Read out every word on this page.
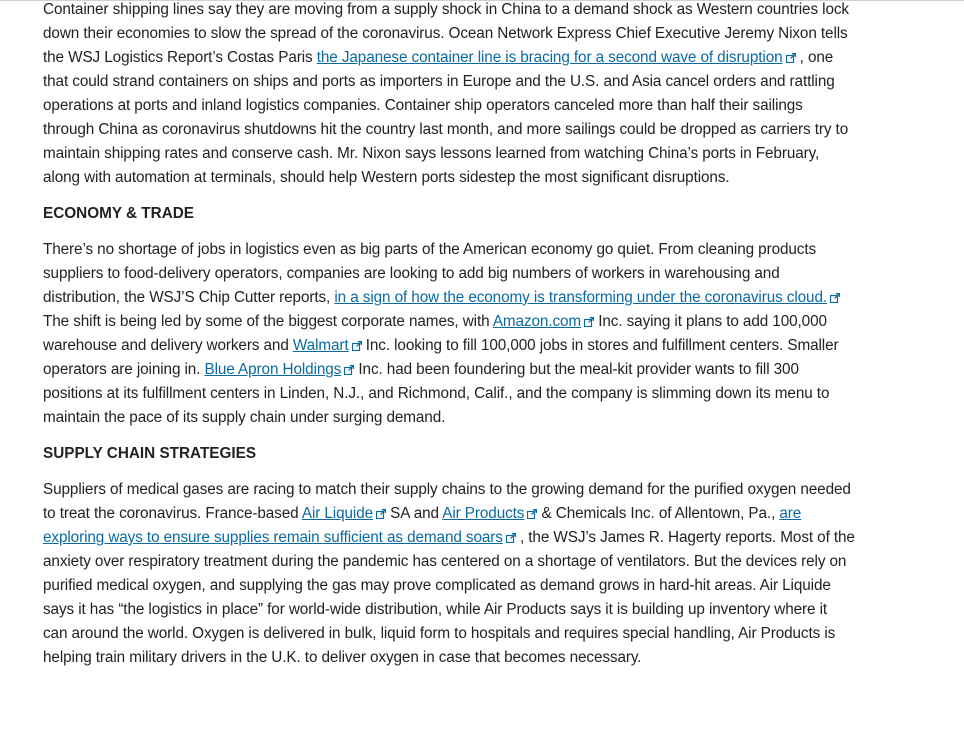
Container shipping lines say they are moving from a supply shock in China to a demand shock as Western countries lock down their economies to slow the spread of the coronavirus. Ocean Network Express Chief Executive Jeremy Nixon tells the WSJ Logistics Report’s Costas Paris the Japanese container line is bracing for a second wave of disruption
, one that could strand containers on ships and ports as importers in Europe and the U.S. and Asia cancel orders and rattling operations at ports and inland logistics companies. Container ship operators canceled more than half their sailings through China as coronavirus shutdowns hit the country last month, and more sailings could be dropped as carriers try to maintain shipping rates and conserve cash. Mr. Nixon says lessons learned from watching China’s ports in February, along with automation at terminals, should help Western ports sidestep the most significant disruptions.

ECONOMY & TRADE

There’s no shortage of jobs in logistics even as big parts of the American economy go quiet. From cleaning products suppliers to food-delivery operators, companies are looking to add big numbers of workers in warehousing and distribution, the WSJ’S Chip Cutter reports, in a sign of how the economy is transforming under the coronavirus cloud.
The shift is being led by some of the biggest corporate names, with Amazon.com
Inc. saying it plans to add 100,000 warehouse and delivery workers and Walmart
Inc. looking to fill 100,000 jobs in stores and fulfillment centers. Smaller operators are joining in. Blue Apron Holdings
Inc. had been foundering but the meal-kit provider wants to fill 300 positions at its fulfillment centers in Linden, N.J., and Richmond, Calif., and the company is slimming down its menu to maintain the pace of its supply chain under surging demand.

SUPPLY CHAIN STRATEGIES

Suppliers of medical gases are racing to match their supply chains to the growing demand for the purified oxygen needed to treat the coronavirus. France-based Air Liquide
SA and Air Products
& Chemicals Inc. of Allentown, Pa., are exploring ways to ensure supplies remain sufficient as demand soars
, the WSJ’s James R. Hagerty reports. Most of the anxiety over respiratory treatment during the pandemic has centered on a shortage of ventilators. But the devices rely on purified medical oxygen, and supplying the gas may prove complicated as demand grows in hard-hit areas. Air Liquide says it has “the logistics in place” for world-wide distribution, while Air Products says it is building up inventory where it can around the world. Oxygen is delivered in bulk, liquid form to hospitals and requires special handling, Air Products is helping train military drivers in the U.K. to deliver oxygen in case that becomes necessary.
